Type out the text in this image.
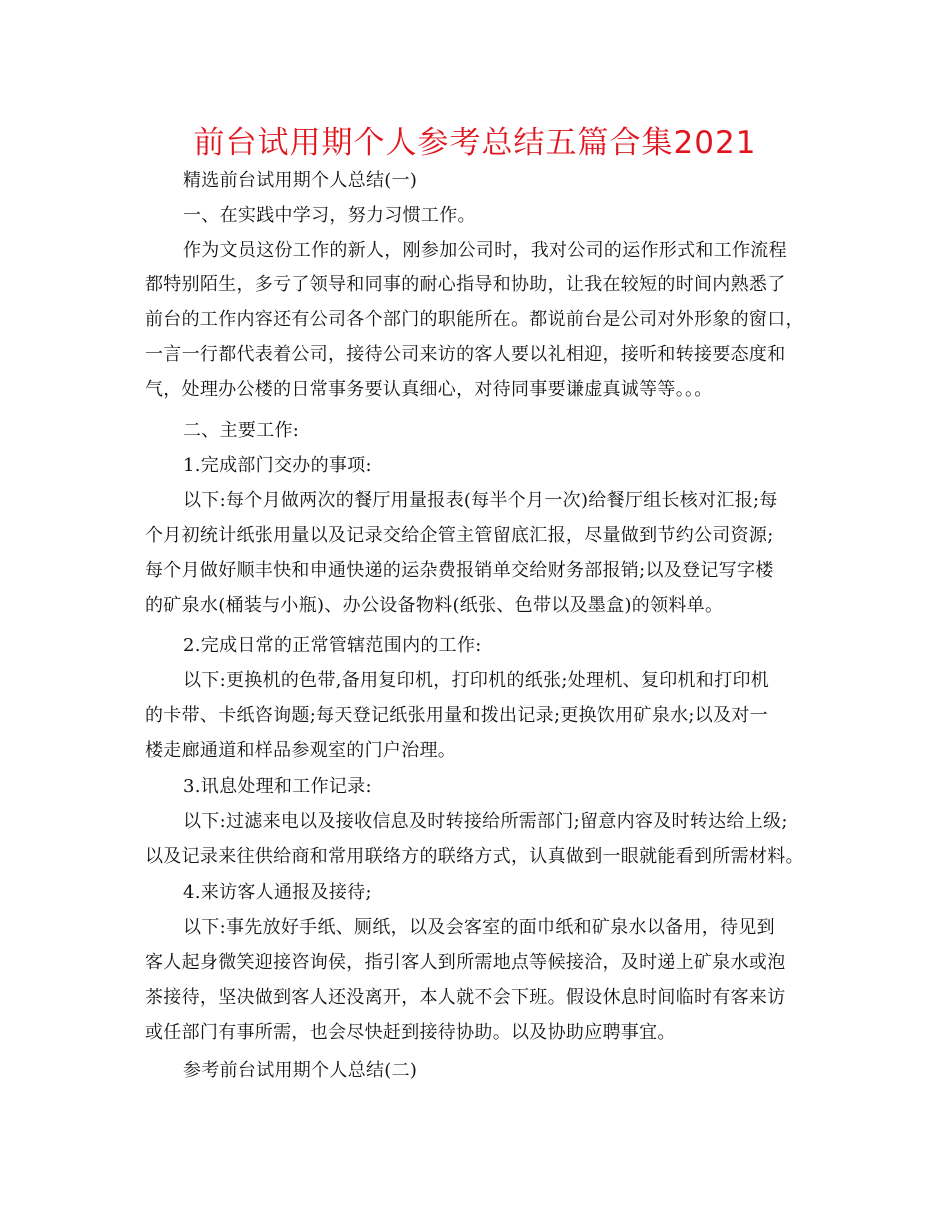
前台试用期个人参考总结五篇合集2021
精选前台试用期个人总结(一)
一、在实践中学习，努力习惯工作。
作为文员这份工作的新人，刚参加公司时，我对公司的运作形式和工作流程
都特别陌生，多亏了领导和同事的耐心指导和协助，让我在较短的时间内熟悉了
前台的工作内容还有公司各个部门的职能所在。都说前台是公司对外形象的窗口，
一言一行都代表着公司，接待公司来访的客人要以礼相迎，接听和转接要态度和
气，处理办公楼的日常事务要认真细心，对待同事要谦虚真诚等等。。。
二、主要工作:
1.完成部门交办的事项:
以下:每个月做两次的餐厅用量报表(每半个月一次)给餐厅组长核对汇报;每
个月初统计纸张用量以及记录交给企管主管留底汇报，尽量做到节约公司资源;
每个月做好顺丰快和申通快递的运杂费报销单交给财务部报销;以及登记写字楼
的矿泉水(桶装与小瓶)、办公设备物料(纸张、色带以及墨盒)的领料单。
2.完成日常的正常管辖范围内的工作:
以下:更换机的色带,备用复印机，打印机的纸张;处理机、复印机和打印机
的卡带、卡纸咨询题;每天登记纸张用量和拨出记录;更换饮用矿泉水;以及对一
楼走廊通道和样品参观室的门户治理。
3.讯息处理和工作记录:
以下:过滤来电以及接收信息及时转接给所需部门;留意内容及时转达给上级;
以及记录来往供给商和常用联络方的联络方式，认真做到一眼就能看到所需材料。
4.来访客人通报及接待;
以下:事先放好手纸、厕纸，以及会客室的面巾纸和矿泉水以备用，待见到
客人起身微笑迎接咨询侯，指引客人到所需地点等候接洽，及时递上矿泉水或泡
茶接待，坚决做到客人还没离开，本人就不会下班。假设休息时间临时有客来访
或任部门有事所需，也会尽快赶到接待协助。以及协助应聘事宜。
参考前台试用期个人总结(二)
